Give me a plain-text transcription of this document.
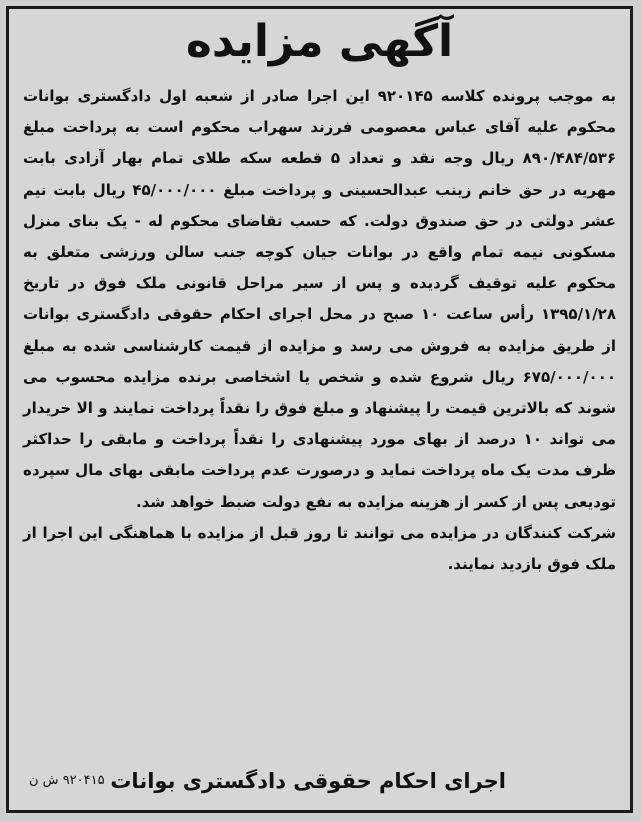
آگهی مزایده

به موجب پرونده کلاسه ۹۲۰۱۴۵ این اجرا صادر از شعبه اول دادگستری بوانات محکوم علیه آقای عباس معصومی فرزند سهراب محکوم است به پرداخت مبلغ ۸۹۰/۴۸۴/۵۳۶ ریال وجه نقد و تعداد ۵ قطعه سکه طلای تمام بهار آزادی بابت مهریه در حق خانم زینب عبدالحسینی و پرداخت مبلغ ۴۵/۰۰۰/۰۰۰ ریال بابت نیم عشر دولتی در حق صندوق دولت. که حسب تقاضای محکوم له - یک بنای منزل مسکونی نیمه تمام واقع در بوانات جیان کوچه جنب سالن ورزشی متعلق به محکوم علیه توقیف گردیده و پس از سیر مراحل قانونی ملک فوق در تاریخ ۱۳۹۵/۱/۲۸ رأس ساعت ۱۰ صبح در محل اجرای احکام حقوقی دادگستری بوانات از طریق مزایده به فروش می رسد و مزایده از قیمت کارشناسی شده به مبلغ ۶۷۵/۰۰۰/۰۰۰ ریال شروع شده و شخص یا اشخاصی برنده مزایده محسوب می شوند که بالاترین قیمت را پیشنهاد و مبلغ فوق را نقداً پرداخت نمایند و الا خریدار می تواند ۱۰ درصد از بهای مورد پیشنهادی را نقداً پرداخت و مابقی را حداکثر ظرف مدت یک ماه پرداخت نماید و درصورت عدم پرداخت مابقی بهای مال سپرده تودیعی پس از کسر از هزینه مزایده به نفع دولت ضبط خواهد شد.

شرکت کنندگان در مزایده می توانند تا روز قبل از مزایده با هماهنگی این اجرا از ملک فوق بازدید نمایند.

اجرای احکام حقوقی دادگستری بوانات
۹۲۰۴۱۵ ش ن
